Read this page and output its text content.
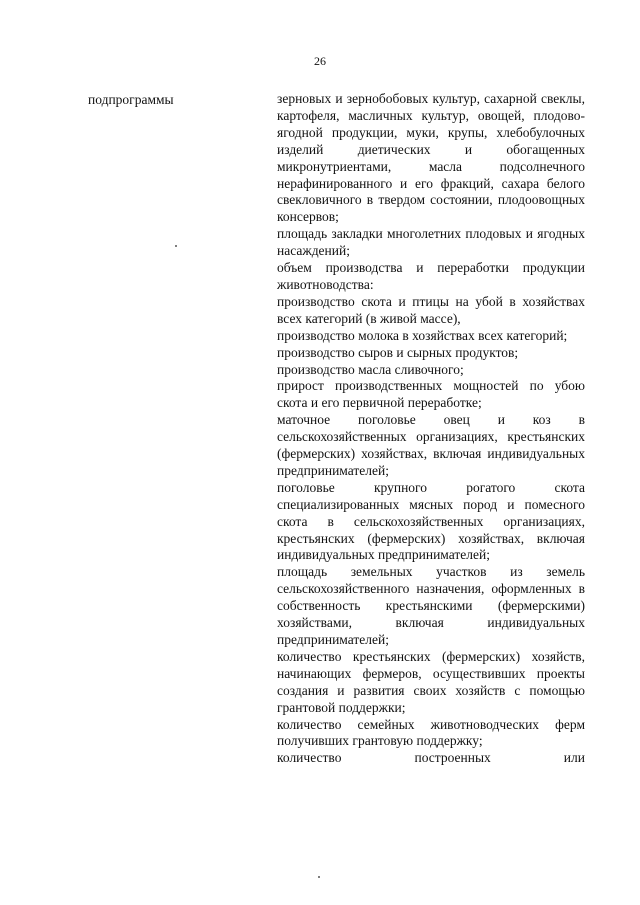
26
подпрограммы	зерновых и зернобобовых культур, сахарной свеклы, картофеля, масличных культур, овощей, плодово-ягодной продукции, муки, крупы, хлебобулочных изделий диетических и обогащенных микронутриентами, масла подсолнечного нерафинированного и его фракций, сахара белого свекловичного в твердом состоянии, плодоовощных консервов;

площадь закладки многолетних плодовых и ягодных насаждений;

объем производства и переработки продукции животноводства:

производство скота и птицы на убой в хозяйствах всех категорий (в живой массе),

производство молока в хозяйствах всех категорий;

производство сыров и сырных продуктов;

производство масла сливочного;

прирост производственных мощностей по убою скота и его первичной переработке;

маточное поголовье овец и коз в сельскохозяйственных организациях, крестьянских (фермерских) хозяйствах, включая индивидуальных предпринимателей;

поголовье крупного рогатого скота специализированных мясных пород и помесного скота в сельскохозяйственных организациях, крестьянских (фермерских) хозяйствах, включая индивидуальных предпринимателей;

площадь земельных участков из земель сельскохозяйственного назначения, оформленных в собственность крестьянскими (фермерскими) хозяйствами, включая индивидуальных предпринимателей;

количество крестьянских (фермерских) хозяйств, начинающих фермеров, осуществивших проекты создания и развития своих хозяйств с помощью грантовой поддержки;

количество семейных животноводческих ферм получивших грантовую поддержку;

количество построенных или
